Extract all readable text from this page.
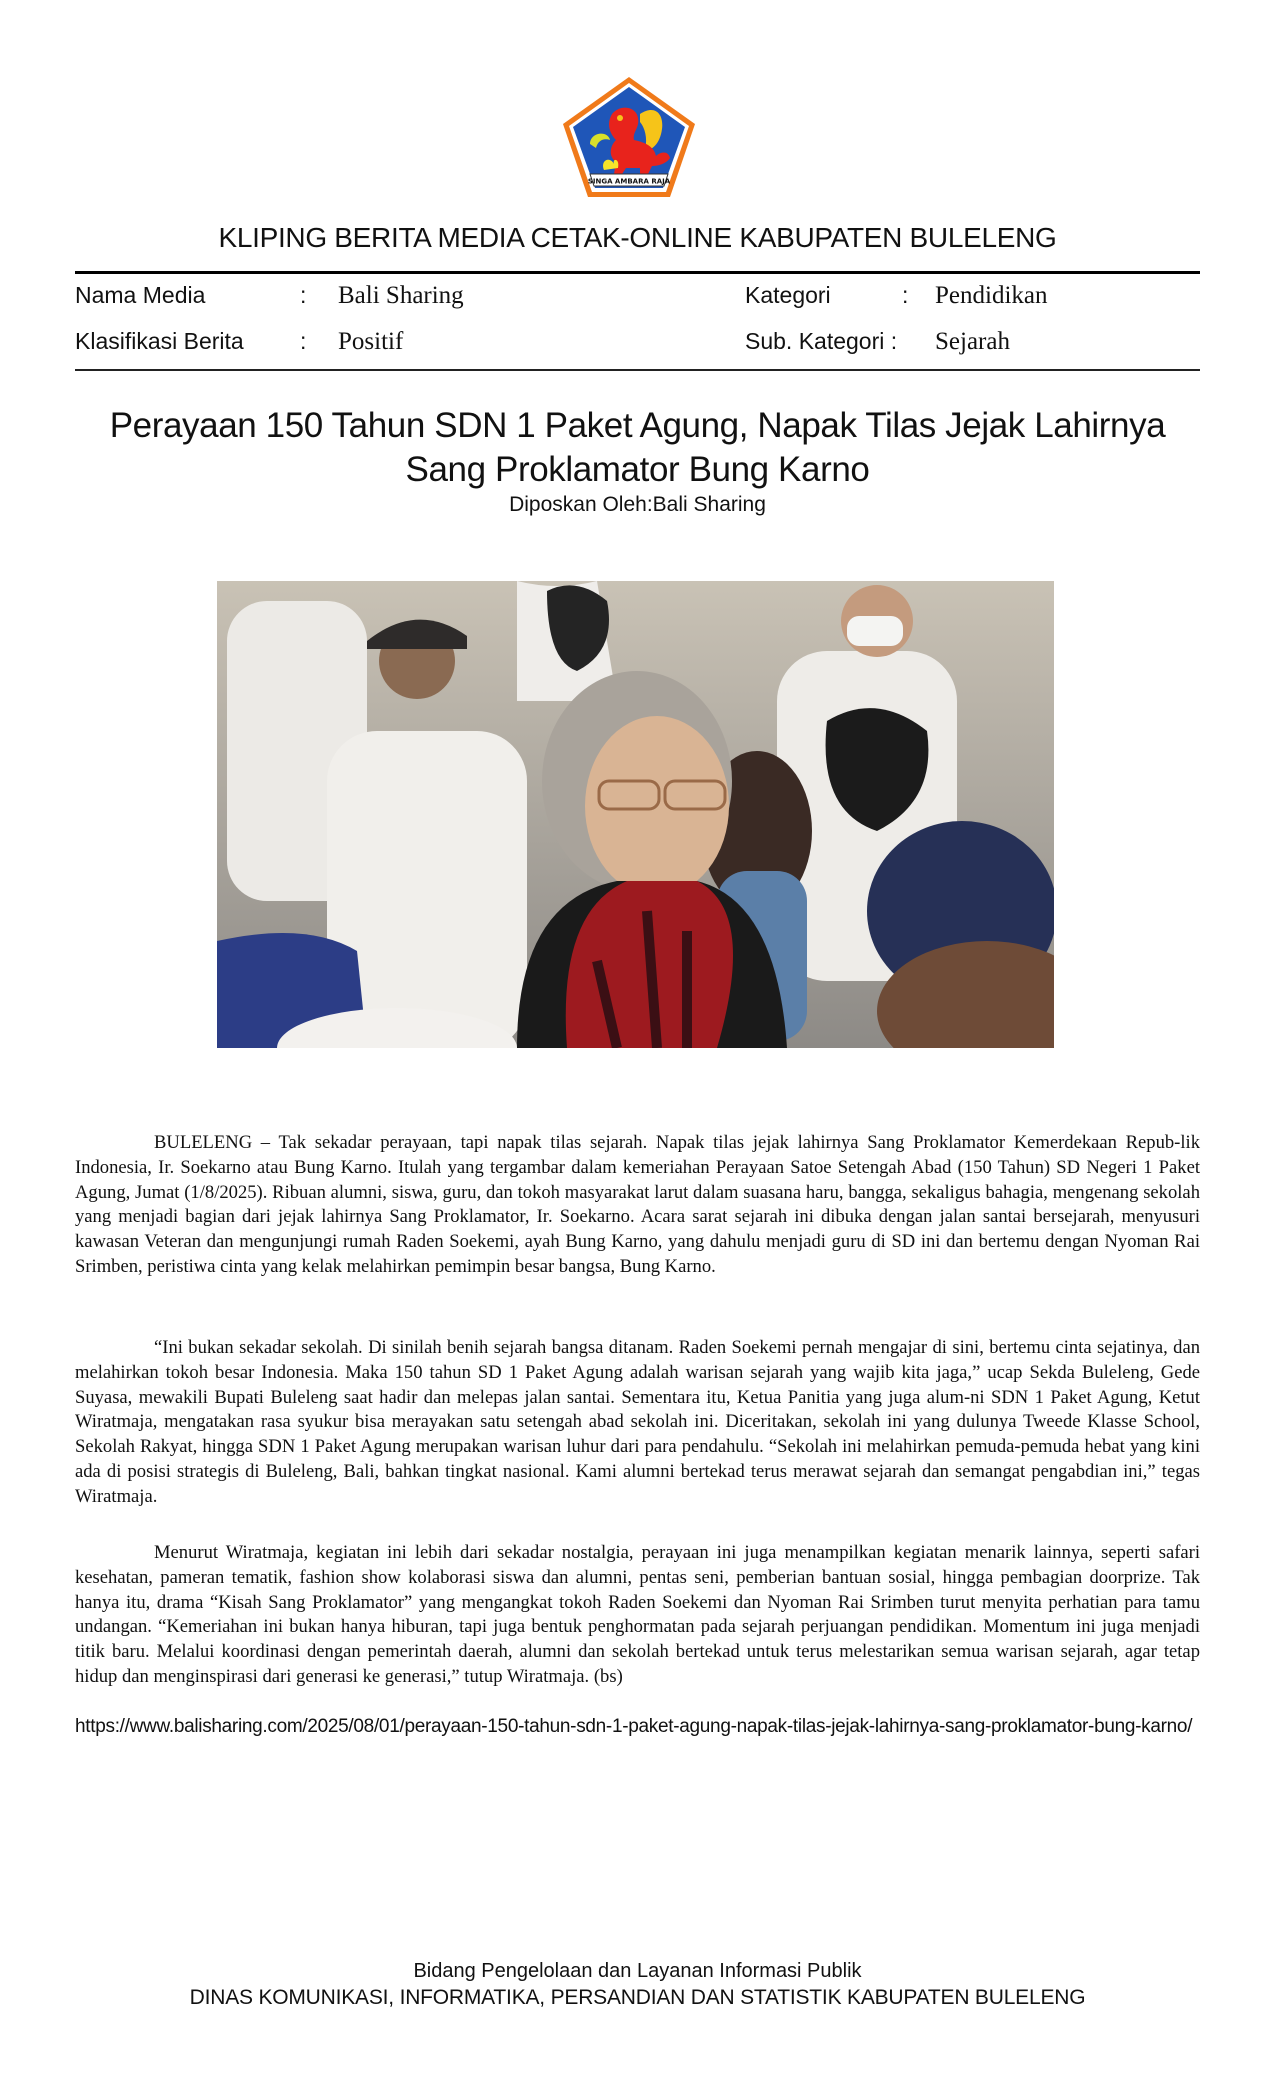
SINGA AMBARA RAJA
KLIPING BERITA MEDIA CETAK-ONLINE KABUPATEN BULELENG
Nama Media	: Bali Sharing
Klasifikasi Berita : Positif
Kategori	: Pendidikan
Sub. Kategori : Sejarah
Perayaan 150 Tahun SDN 1 Paket Agung, Napak Tilas Jejak Lahirnya
Sang Proklamator Bung Karno
Diposkan Oleh:Bali Sharing
BULELENG – Tak sekadar perayaan, tapi napak tilas sejarah. Napak tilas jejak lahirnya Sang Proklamator Kemerdekaan Repub-lik Indonesia, Ir. Soekarno atau Bung Karno. Itulah yang tergambar dalam kemeriahan Perayaan Satoe Setengah Abad (150 Tahun) SD Negeri 1 Paket Agung, Jumat (1/8/2025). Ribuan alumni, siswa, guru, dan tokoh masyarakat larut dalam suasana haru, bangga, sekaligus bahagia, mengenang sekolah yang menjadi bagian dari jejak lahirnya Sang Proklamator, Ir. Soekarno. Acara sarat sejarah ini dibuka dengan jalan santai bersejarah, menyusuri kawasan Veteran dan mengunjungi rumah Raden Soekemi, ayah Bung Karno, yang dahulu menjadi guru di SD ini dan bertemu dengan Nyoman Rai Srimben, peristiwa cinta yang kelak melahirkan pemimpin besar bangsa, Bung Karno.
“Ini bukan sekadar sekolah. Di sinilah benih sejarah bangsa ditanam. Raden Soekemi pernah mengajar di sini, bertemu cinta sejatinya, dan melahirkan tokoh besar Indonesia. Maka 150 tahun SD 1 Paket Agung adalah warisan sejarah yang wajib kita jaga,” ucap Sekda Buleleng, Gede Suyasa, mewakili Bupati Buleleng saat hadir dan melepas jalan santai. Sementara itu, Ketua Panitia yang juga alum-ni SDN 1 Paket Agung, Ketut Wiratmaja, mengatakan rasa syukur bisa merayakan satu setengah abad sekolah ini. Diceritakan, sekolah ini yang dulunya Tweede Klasse School, Sekolah Rakyat, hingga SDN 1 Paket Agung merupakan warisan luhur dari para pendahulu. “Sekolah ini melahirkan pemuda-pemuda hebat yang kini ada di posisi strategis di Buleleng, Bali, bahkan tingkat nasional. Kami alumni bertekad terus merawat sejarah dan semangat pengabdian ini,” tegas Wiratmaja.
Menurut Wiratmaja, kegiatan ini lebih dari sekadar nostalgia, perayaan ini juga menampilkan kegiatan menarik lainnya, seperti safari kesehatan, pameran tematik, fashion show kolaborasi siswa dan alumni, pentas seni, pemberian bantuan sosial, hingga pembagian doorprize. Tak hanya itu, drama “Kisah Sang Proklamator” yang mengangkat tokoh Raden Soekemi dan Nyoman Rai Srimben turut menyita perhatian para tamu undangan. “Kemeriahan ini bukan hanya hiburan, tapi juga bentuk penghormatan pada sejarah perjuangan pendidikan. Momentum ini juga menjadi titik baru. Melalui koordinasi dengan pemerintah daerah, alumni dan sekolah bertekad untuk terus melestarikan semua warisan sejarah, agar tetap hidup dan menginspirasi dari generasi ke generasi,” tutup Wiratmaja. (bs)
https://www.balisharing.com/2025/08/01/perayaan-150-tahun-sdn-1-paket-agung-napak-tilas-jejak-lahirnya-sang-proklamator-bung-karno/
Bidang Pengelolaan dan Layanan Informasi Publik
DINAS KOMUNIKASI, INFORMATIKA, PERSANDIAN DAN STATISTIK KABUPATEN BULELENG
